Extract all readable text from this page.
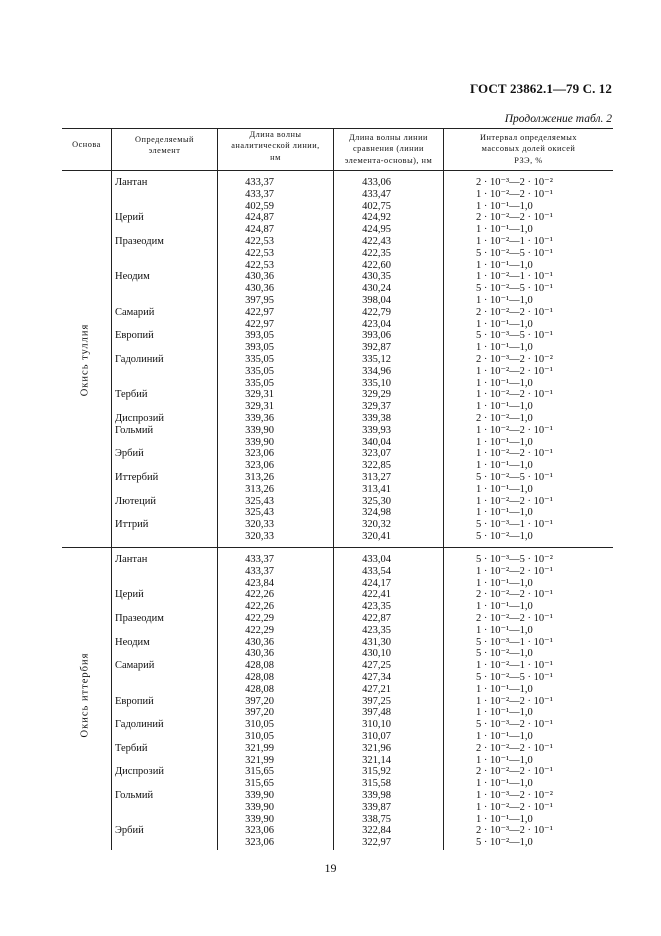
ГОСТ 23862.1—79 С. 12
Продолжение табл. 2
Основа
Определяемый
элемент
Длина волны
аналитической линии,
нм
Длина волны линии
сравнения (линии
элемента-основы), нм
Интервал определяемых
массовых долей окисей
РЗЭ, %
Окись туллия
Окись иттербия
Лантан	433,37	433,06	2 · 10⁻³—2 · 10⁻²
433,37	433,47	1 · 10⁻²—2 · 10⁻¹
402,59	402,75	1 · 10⁻¹—1,0
Церий	424,87	424,92	2 · 10⁻²—2 · 10⁻¹
424,87	424,95	1 · 10⁻¹—1,0
Празеодим	422,53	422,43	1 · 10⁻²—1 · 10⁻¹
422,53	422,35	5 · 10⁻²—5 · 10⁻¹
422,53	422,60	1 · 10⁻¹—1,0
Неодим	430,36	430,35	1 · 10⁻²—1 · 10⁻¹
430,36	430,24	5 · 10⁻²—5 · 10⁻¹
397,95	398,04	1 · 10⁻¹—1,0
Самарий	422,97	422,79	2 · 10⁻²—2 · 10⁻¹
422,97	423,04	1 · 10⁻¹—1,0
Европий	393,05	393,06	5 · 10⁻³—5 · 10⁻¹
393,05	392,87	1 · 10⁻¹—1,0
Гадолиний	335,05	335,12	2 · 10⁻³—2 · 10⁻²
335,05	334,96	1 · 10⁻²—2 · 10⁻¹
335,05	335,10	1 · 10⁻¹—1,0
Тербий	329,31	329,29	1 · 10⁻²—2 · 10⁻¹
329,31	329,37	1 · 10⁻¹—1,0
Диспрозий	339,36	339,38	2 · 10⁻²—1,0
Гольмий	339,90	339,93	1 · 10⁻²—2 · 10⁻¹
339,90	340,04	1 · 10⁻¹—1,0
Эрбий	323,06	323,07	1 · 10⁻²—2 · 10⁻¹
323,06	322,85	1 · 10⁻¹—1,0
Иттербий	313,26	313,27	5 · 10⁻²—5 · 10⁻¹
313,26	313,41	1 · 10⁻¹—1,0
Лютеций	325,43	325,30	1 · 10⁻²—2 · 10⁻¹
325,43	324,98	1 · 10⁻¹—1,0
Иттрий	320,33	320,32	5 · 10⁻³—1 · 10⁻¹
320,33	320,41	5 · 10⁻²—1,0
Лантан	433,37	433,04	5 · 10⁻³—5 · 10⁻²
433,37	433,54	1 · 10⁻²—2 · 10⁻¹
423,84	424,17	1 · 10⁻¹—1,0
Церий	422,26	422,41	2 · 10⁻²—2 · 10⁻¹
422,26	423,35	1 · 10⁻¹—1,0
Празеодим	422,29	422,87	2 · 10⁻²—2 · 10⁻¹
422,29	423,35	1 · 10⁻¹—1,0
Неодим	430,36	431,30	5 · 10⁻³—1 · 10⁻¹
430,36	430,10	5 · 10⁻²—1,0
Самарий	428,08	427,25	1 · 10⁻²—1 · 10⁻¹
428,08	427,34	5 · 10⁻²—5 · 10⁻¹
428,08	427,21	1 · 10⁻¹—1,0
Европий	397,20	397,25	1 · 10⁻²—2 · 10⁻¹
397,20	397,48	1 · 10⁻¹—1,0
Гадолиний	310,05	310,10	5 · 10⁻³—2 · 10⁻¹
310,05	310,07	1 · 10⁻¹—1,0
Тербий	321,99	321,96	2 · 10⁻²—2 · 10⁻¹
321,99	321,14	1 · 10⁻¹—1,0
Диспрозий	315,65	315,92	2 · 10⁻²—2 · 10⁻¹
315,65	315,58	1 · 10⁻¹—1,0
Гольмий	339,90	339,98	1 · 10⁻³—2 · 10⁻²
339,90	339,87	1 · 10⁻²—2 · 10⁻¹
339,90	338,75	1 · 10⁻¹—1,0
Эрбий	323,06	322,84	2 · 10⁻³—2 · 10⁻¹
323,06	322,97	5 · 10⁻²—1,0
19
